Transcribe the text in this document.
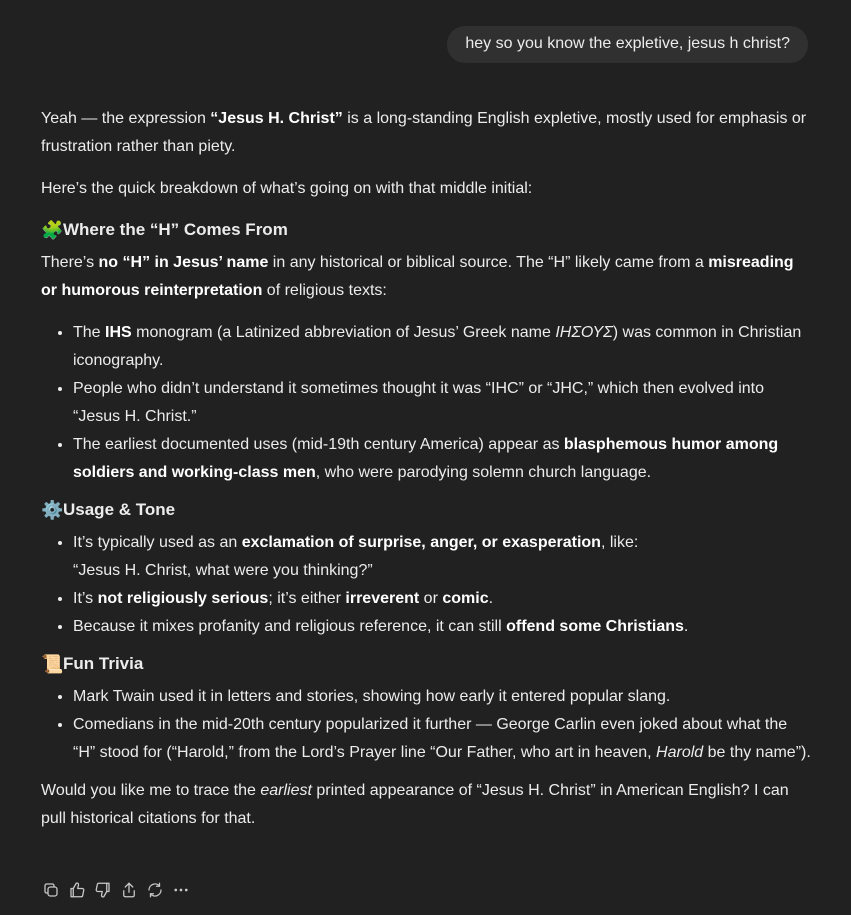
hey so you know the expletive, jesus h christ?

Yeah — the expression “Jesus H. Christ” is a long-standing English expletive, mostly used for emphasis or frustration rather than piety.

Here’s the quick breakdown of what’s going on with that middle initial:

🧩Where the “H” Comes From

There’s no “H” in Jesus’ name in any historical or biblical source. The “H” likely came from a misreading or humorous reinterpretation of religious texts:

• The IHS monogram (a Latinized abbreviation of Jesus’ Greek name ΙΗΣΟΥΣ) was common in Christian iconography.
• People who didn’t understand it sometimes thought it was “IHC” or “JHC,” which then evolved into “Jesus H. Christ.”
• The earliest documented uses (mid-19th century America) appear as blasphemous humor among soldiers and working-class men, who were parodying solemn church language.
⚙️Usage & Tone
• It’s typically used as an exclamation of surprise, anger, or exasperation, like:
“Jesus H. Christ, what were you thinking?”
• It’s not religiously serious; it’s either irreverent or comic.
• Because it mixes profanity and religious reference, it can still offend some Christians.
📜Fun Trivia
• Mark Twain used it in letters and stories, showing how early it entered popular slang.
• Comedians in the mid-20th century popularized it further — George Carlin even joked about what the “H” stood for (“Harold,” from the Lord’s Prayer line “Our Father, who art in heaven, Harold be thy name”).

Would you like me to trace the earliest printed appearance of “Jesus H. Christ” in American English? I can pull historical citations for that.
